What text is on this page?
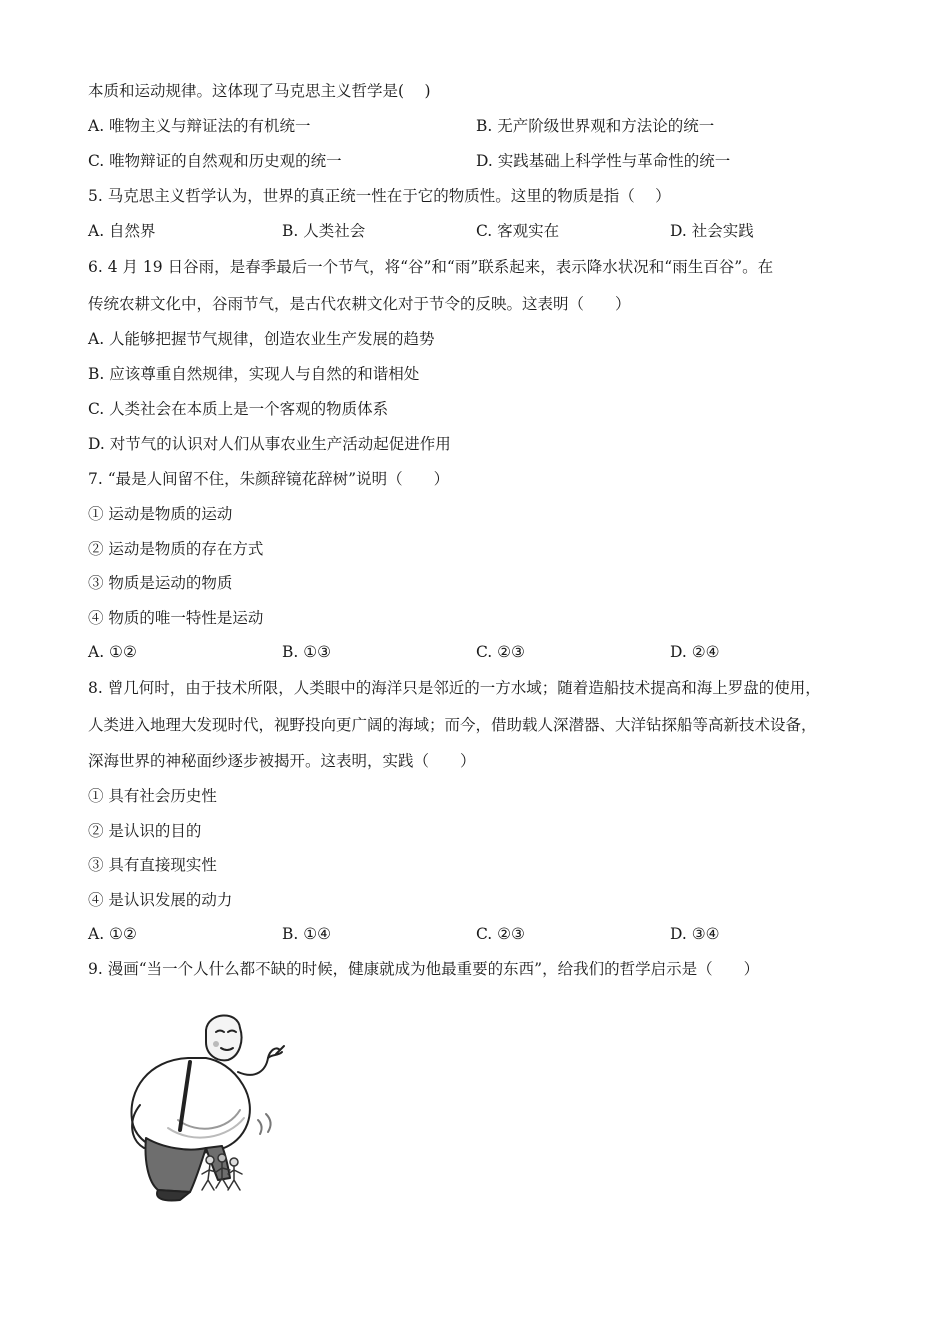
本质和运动规律。这体现了马克思主义哲学是(　 )
A. 唯物主义与辩证法的有机统一	B. 无产阶级世界观和方法论的统一
C. 唯物辩证的自然观和历史观的统一	D. 实践基础上科学性与革命性的统一
5. 马克思主义哲学认为，世界的真正统一性在于它的物质性。这里的物质是指（　 ）
A. 自然界	B. 人类社会	C. 客观实在	D. 社会实践
6. 4 月 19 日谷雨，是春季最后一个节气，将“谷”和“雨”联系起来，表示降水状况和“雨生百谷”。在
传统农耕文化中，谷雨节气，是古代农耕文化对于节令的反映。这表明（　　）
A. 人能够把握节气规律，创造农业生产发展的趋势
B. 应该尊重自然规律，实现人与自然的和谐相处
C. 人类社会在本质上是一个客观的物质体系
D. 对节气的认识对人们从事农业生产活动起促进作用
7. “最是人间留不住，朱颜辞镜花辞树”说明（　　）
① 运动是物质的运动
② 运动是物质的存在方式
③ 物质是运动的物质
④ 物质的唯一特性是运动
A. ①②	B. ①③	C. ②③	D. ②④
8. 曾几何时，由于技术所限，人类眼中的海洋只是邻近的一方水域；随着造船技术提高和海上罗盘的使用，
人类进入地理大发现时代，视野投向更广阔的海域；而今，借助载人深潜器、大洋钻探船等高新技术设备，
深海世界的神秘面纱逐步被揭开。这表明，实践（　　）
① 具有社会历史性
② 是认识的目的
③ 具有直接现实性
④ 是认识发展的动力
A. ①②	B. ①④	C. ②③	D. ③④
9. 漫画“当一个人什么都不缺的时候，健康就成为他最重要的东西”，给我们的哲学启示是（　　）
